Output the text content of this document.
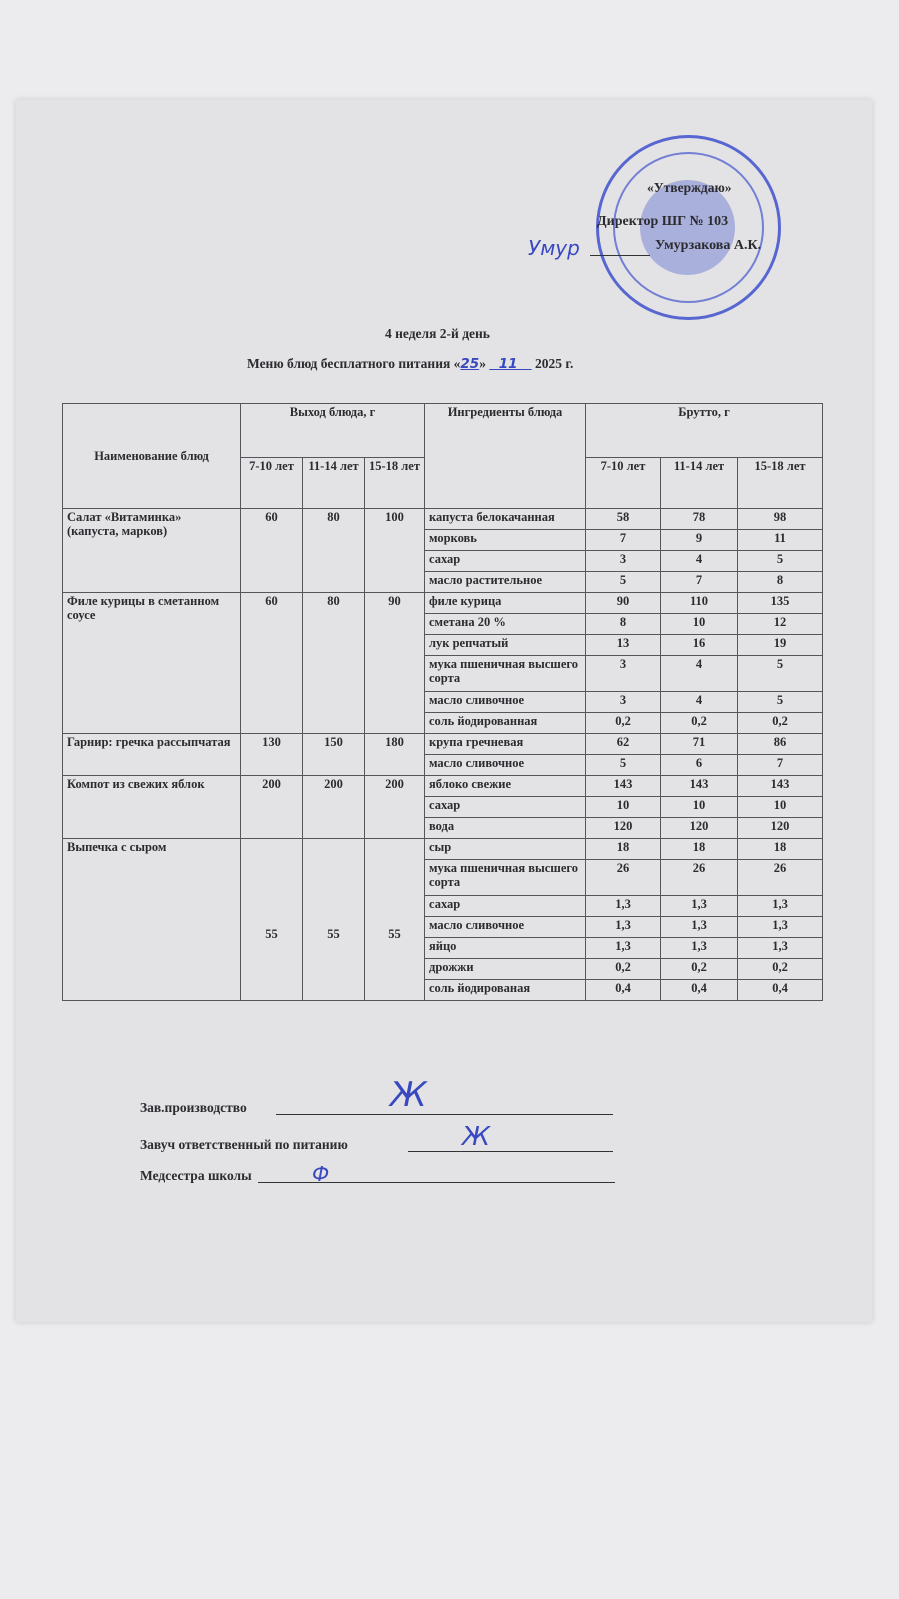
«Утверждаю»
Директор ШГ № 103
Умур	Умурзакова А.К.
4 неделя 2-й день
Меню блюд бесплатного питания «25»   11    2025 г.
Наименование блюд	Выход блюда, г			Ингредиенты блюда	Брутто, г		
	7-10 лет	11-14 лет	15-18 лет		7-10 лет	11-14 лет	15-18 лет
Салат «Витаминка» (капуста, марков)	60	80	100	капуста белокачанная	58	78	98
				морковь	7	9	11
				сахар	3	4	5
				масло растительное	5	7	8
Филе курицы в сметанном соусе	60	80	90	филе курица	90	110	135
				сметана 20 %	8	10	12
				лук репчатый	13	16	19
				мука пшеничная высшего сорта	3	4	5
				масло сливочное	3	4	5
				соль йодированная	0,2	0,2	0,2
Гарнир: гречка рассыпчатая	130	150	180	крупа гречневая	62	71	86
				масло сливочное	5	6	7
Компот из свежих яблок	200	200	200	яблоко свежие	143	143	143
				сахар	10	10	10
				вода	120	120	120
Выпечка с сыром	55	55	55	сыр	18	18	18
				мука пшеничная высшего сорта	26	26	26
				сахар	1,3	1,3	1,3
				масло сливочное	1,3	1,3	1,3
				яйцо	1,3	1,3	1,3
				дрожжи	0,2	0,2	0,2
				соль йодированая	0,4	0,4	0,4
Зав.производство	Ж
Завуч ответственный по питанию	Ж
Медсестра школы	Ф
